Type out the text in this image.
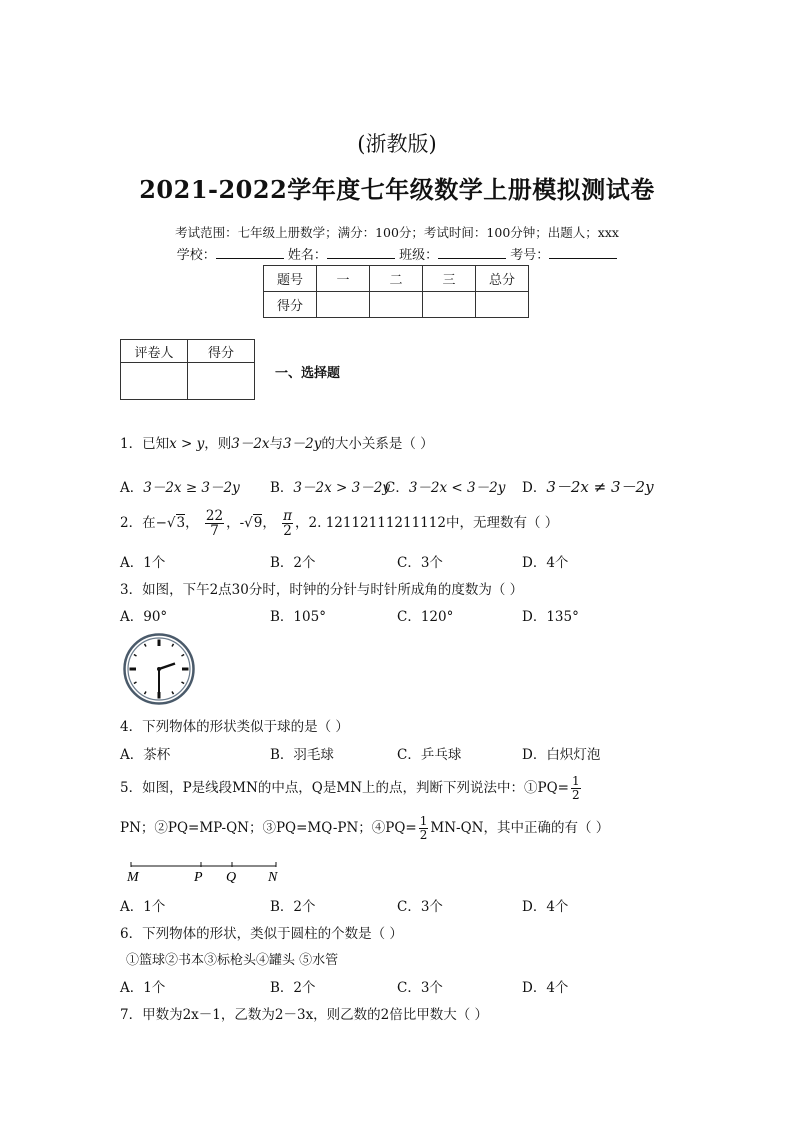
(浙教版)
2021-2022学年度七年级数学上册模拟测试卷
考试范围：七年级上册数学；满分：100分；考试时间：100分钟；出题人；xxx
学校：	姓名：	班级：	考号：
题号	一	二	三	总分
得分				
评卷人	得分

一、选择题
1．已知x > y，则3－2x与3－2y的大小关系是（ ）
A．3－2x ≥ 3－2y B．3－2x > 3－2y
C．3－2x < 3－2y D．3－2x ≠ 3－2y
2．在−√3， $\frac{22}{7}$ ，-√9， $\frac{\pi}{2}$ ，2. 12112111211112中，无理数有（ ）
A．1个	B．2个	C．3个	D．4个
3．如图，下午2点30分时，时钟的分针与时针所成角的度数为（ ）
A．90°	B．105°	C．120°	D．135°
4．下列物体的形状类似于球的是（ ）
A．茶杯	B．羽毛球	C．乒乓球	D．白炽灯泡
5．如图，P是线段MN的中点，Q是MN上的点，判断下列说法中：①PQ= $\frac{1}{2}$
PN；②PQ=MP-QN；③PQ=MQ-PN；④PQ= $\frac{1}{2} MN-QN$，其中正确的有（ ）
M	P Q N
A．1个	B．2个	C．3个	D．4个
6．下列物体的形状，类似于圆柱的个数是（ ）
①篮球②书本③标枪头④罐头 ⑤水管
A．1个	B．2个	C．3个	D．4个
7．甲数为2x－1，乙数为2－3x，则乙数的2倍比甲数大（ ）
